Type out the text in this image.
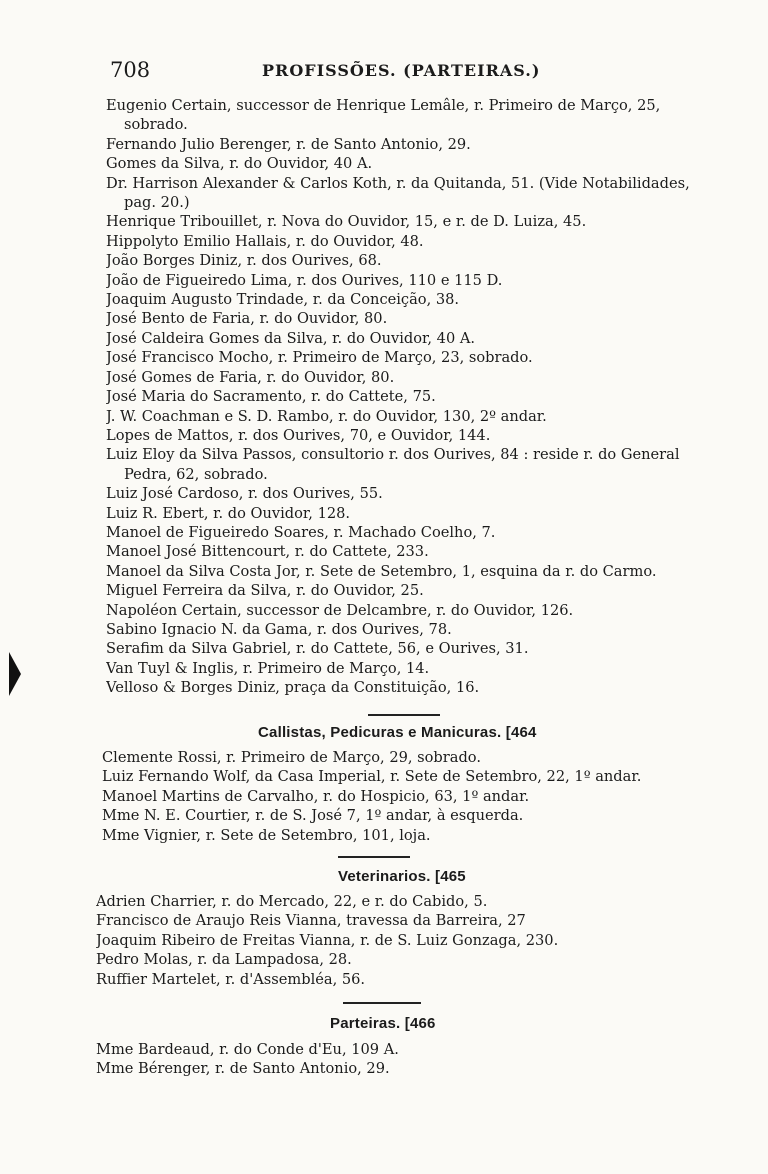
708	PROFISSÕES. (PARTEIRAS.)
Eugenio Certain, successor de Henrique Lemâle, r. Primeiro de Março, 25, sobrado.
Fernando Julio Berenger, r. de Santo Antonio, 29.
Gomes da Silva, r. do Ouvidor, 40 A.
Dr. Harrison Alexander & Carlos Koth, r. da Quitanda, 51. (Vide Notabilidades, pag. 20.)
Henrique Tribouillet, r. Nova do Ouvidor, 15, e r. de D. Luiza, 45.
Hippolyto Emilio Hallais, r. do Ouvidor, 48.
João Borges Diniz, r. dos Ourives, 68.
João de Figueiredo Lima, r. dos Ourives, 110 e 115 D.
Joaquim Augusto Trindade, r. da Conceição, 38.
José Bento de Faria, r. do Ouvidor, 80.
José Caldeira Gomes da Silva, r. do Ouvidor, 40 A.
José Francisco Mocho, r. Primeiro de Março, 23, sobrado.
José Gomes de Faria, r. do Ouvidor, 80.
José Maria do Sacramento, r. do Cattete, 75.
J. W. Coachman e S. D. Rambo, r. do Ouvidor, 130, 2º andar.
Lopes de Mattos, r. dos Ourives, 70, e Ouvidor, 144.
Luiz Eloy da Silva Passos, consultorio r. dos Ourives, 84 : reside r. do General Pedra, 62, sobrado.
Luiz José Cardoso, r. dos Ourives, 55.
Luiz R. Ebert, r. do Ouvidor, 128.
Manoel de Figueiredo Soares, r. Machado Coelho, 7.
Manoel José Bittencourt, r. do Cattete, 233.
Manoel da Silva Costa Jor, r. Sete de Setembro, 1, esquina da r. do Carmo.
Miguel Ferreira da Silva, r. do Ouvidor, 25.
Napoléon Certain, successor de Delcambre, r. do Ouvidor, 126.
Sabino Ignacio N. da Gama, r. dos Ourives, 78.
Serafim da Silva Gabriel, r. do Cattete, 56, e Ourives, 31.
Van Tuyl & Inglis, r. Primeiro de Março, 14.
Velloso & Borges Diniz, praça da Constituição, 16.
Callistas, Pedicuras e Manicuras. [464
Clemente Rossi, r. Primeiro de Março, 29, sobrado.
Luiz Fernando Wolf, da Casa Imperial, r. Sete de Setembro, 22, 1º andar.
Manoel Martins de Carvalho, r. do Hospicio, 63, 1º andar.
Mme N. E. Courtier, r. de S. José 7, 1º andar, à esquerda.
Mme Vignier, r. Sete de Setembro, 101, loja.
Veterinarios. [465
Adrien Charrier, r. do Mercado, 22, e r. do Cabido, 5.
Francisco de Araujo Reis Vianna, travessa da Barreira, 27
Joaquim Ribeiro de Freitas Vianna, r. de S. Luiz Gonzaga, 230.
Pedro Molas, r. da Lampadosa, 28.
Ruffier Martelet, r. d'Assembléa, 56.
Parteiras. [466
Mme Bardeaud, r. do Conde d'Eu, 109 A.
Mme Bérenger, r. de Santo Antonio, 29.
